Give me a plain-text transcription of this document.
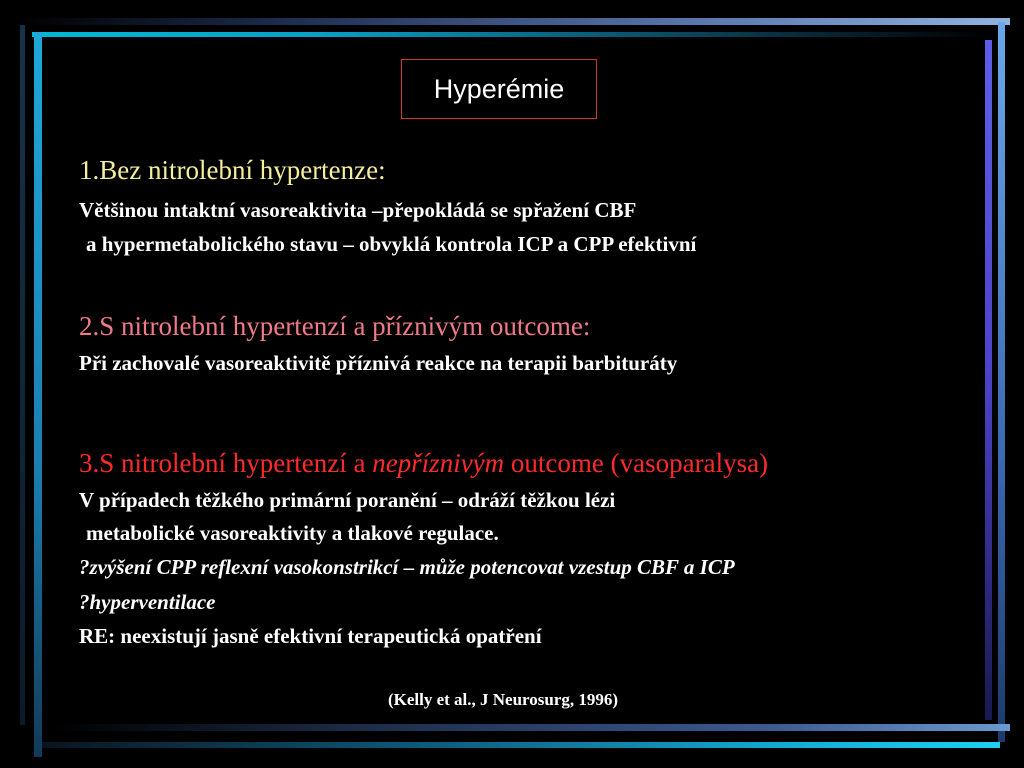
Hyperémie
1.Bez nitrolební hypertenze:
Většinou intaktní vasoreaktivita –přepokládá se spřažení CBF
a hypermetabolického stavu – obvyklá kontrola ICP a CPP efektivní
2.S nitrolební hypertenzí a příznivým outcome:
Při zachovalé vasoreaktivitě příznivá reakce na terapii barbituráty
3.S nitrolební hypertenzí a nepříznivým outcome (vasoparalysa)
V případech těžkého primární poranění – odráží těžkou lézi
metabolické vasoreaktivity a tlakové regulace.
?zvýšení CPP reflexní vasokonstrikcí – může potencovat vzestup CBF a ICP
?hyperventilace
RE: neexistují jasně efektivní terapeutická opatření
(Kelly et al., J Neurosurg, 1996)
